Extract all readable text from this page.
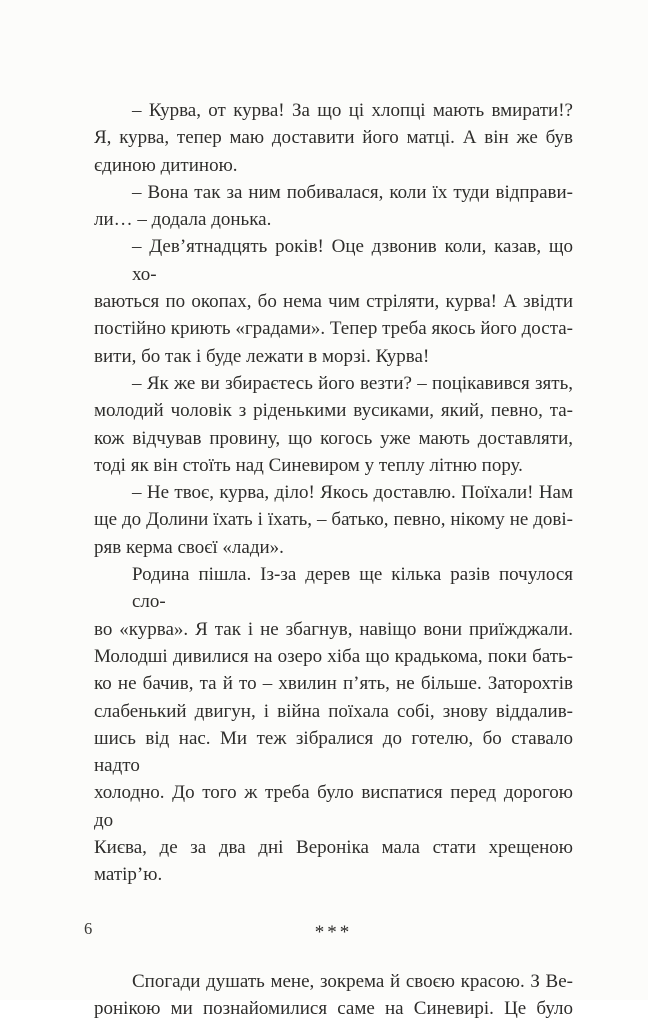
– Курва, от курва! За що ці хлопці мають вмирати!?
Я, курва, тепер маю доставити його матці. А він же був
єдиною дитиною.
– Вона так за ним побивалася, коли їх туди відправи-
ли… – додала донька.
– Дев’ятнадцять років! Оце дзвонив коли, казав, що хо-
ваються по окопах, бо нема чим стріляти, курва! А звідти
постійно криють «градами». Тепер треба якось його доста-
вити, бо так і буде лежати в морзі. Курва!
– Як же ви збираєтесь його везти? – поцікавився зять,
молодий чоловік з ріденькими вусиками, який, певно, та-
кож відчував провину, що когось уже мають доставляти,
тоді як він стоїть над Синевиром у теплу літню пору.
– Не твоє, курва, діло! Якось доставлю. Поїхали! Нам
ще до Долини їхать і їхать, – батько, певно, нікому не дові-
ряв керма своєї «лади».
Родина пішла. Із-за дерев ще кілька разів почулося сло-
во «курва». Я так і не збагнув, навіщо вони приїжджали.
Молодші дивилися на озеро хіба що крадькома, поки бать-
ко не бачив, та й то – хвилин п’ять, не більше. Заторохтів
слабенький двигун, і війна поїхала собі, знову віддалив-
шись від нас. Ми теж зібралися до готелю, бо ставало надто
холодно. До того ж треба було виспатися перед дорогою до
Києва, де за два дні Вероніка мала стати хрещеною матір’ю.
***
Спогади душать мене, зокрема й своєю красою. З Ве-
ронікою ми познайомилися саме на Синевирі. Це було
6
